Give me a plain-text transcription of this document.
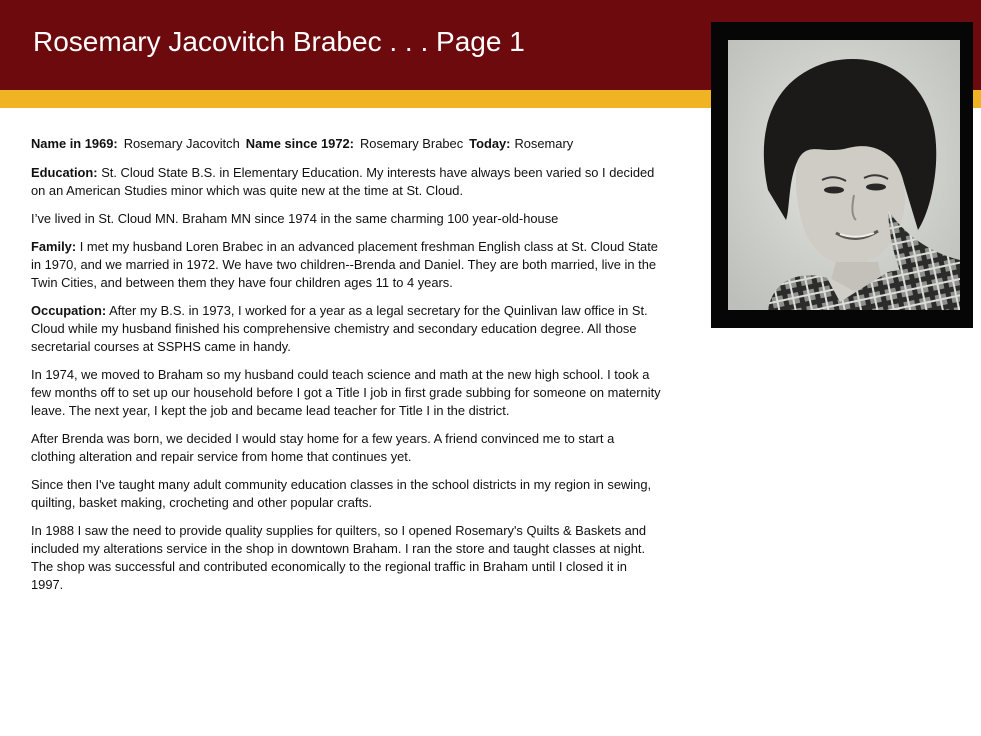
Rosemary Jacovitch Brabec . . . Page 1

Name in 1969: Rosemary Jacovitch Name since 1972: Rosemary Brabec Today: Rosemary

Education: St. Cloud State B.S. in Elementary Education. My interests have always been varied so I decided on an American Studies minor which was quite new at the time at St. Cloud.

I’ve lived in St. Cloud MN. Braham MN since 1974 in the same charming 100 year-old-house

Family: I met my husband Loren Brabec in an advanced placement freshman English class at St. Cloud State in 1970, and we married in 1972. We have two children--Brenda and Daniel. They are both married, live in the Twin Cities, and between them they have four children ages 11 to 4 years.

Occupation: After my B.S. in 1973, I worked for a year as a legal secretary for the Quinlivan law office in St. Cloud while my husband finished his comprehensive chemistry and secondary education degree. All those secretarial courses at SSPHS came in handy.

In 1974, we moved to Braham so my husband could teach science and math at the new high school. I took a few months off to set up our household before I got a Title I job in first grade subbing for someone on maternity leave. The next year, I kept the job and became lead teacher for Title I in the district.

After Brenda was born, we decided I would stay home for a few years. A friend convinced me to start a clothing alteration and repair service from home that continues yet.

Since then I've taught many adult community education classes in the school districts in my region in sewing, quilting, basket making, crocheting and other popular crafts.

In 1988 I saw the need to provide quality supplies for quilters, so I opened Rosemary's Quilts & Baskets and included my alterations service in the shop in downtown Braham. I ran the store and taught classes at night. The shop was successful and contributed economically to the regional traffic in Braham until I closed it in 1997.
